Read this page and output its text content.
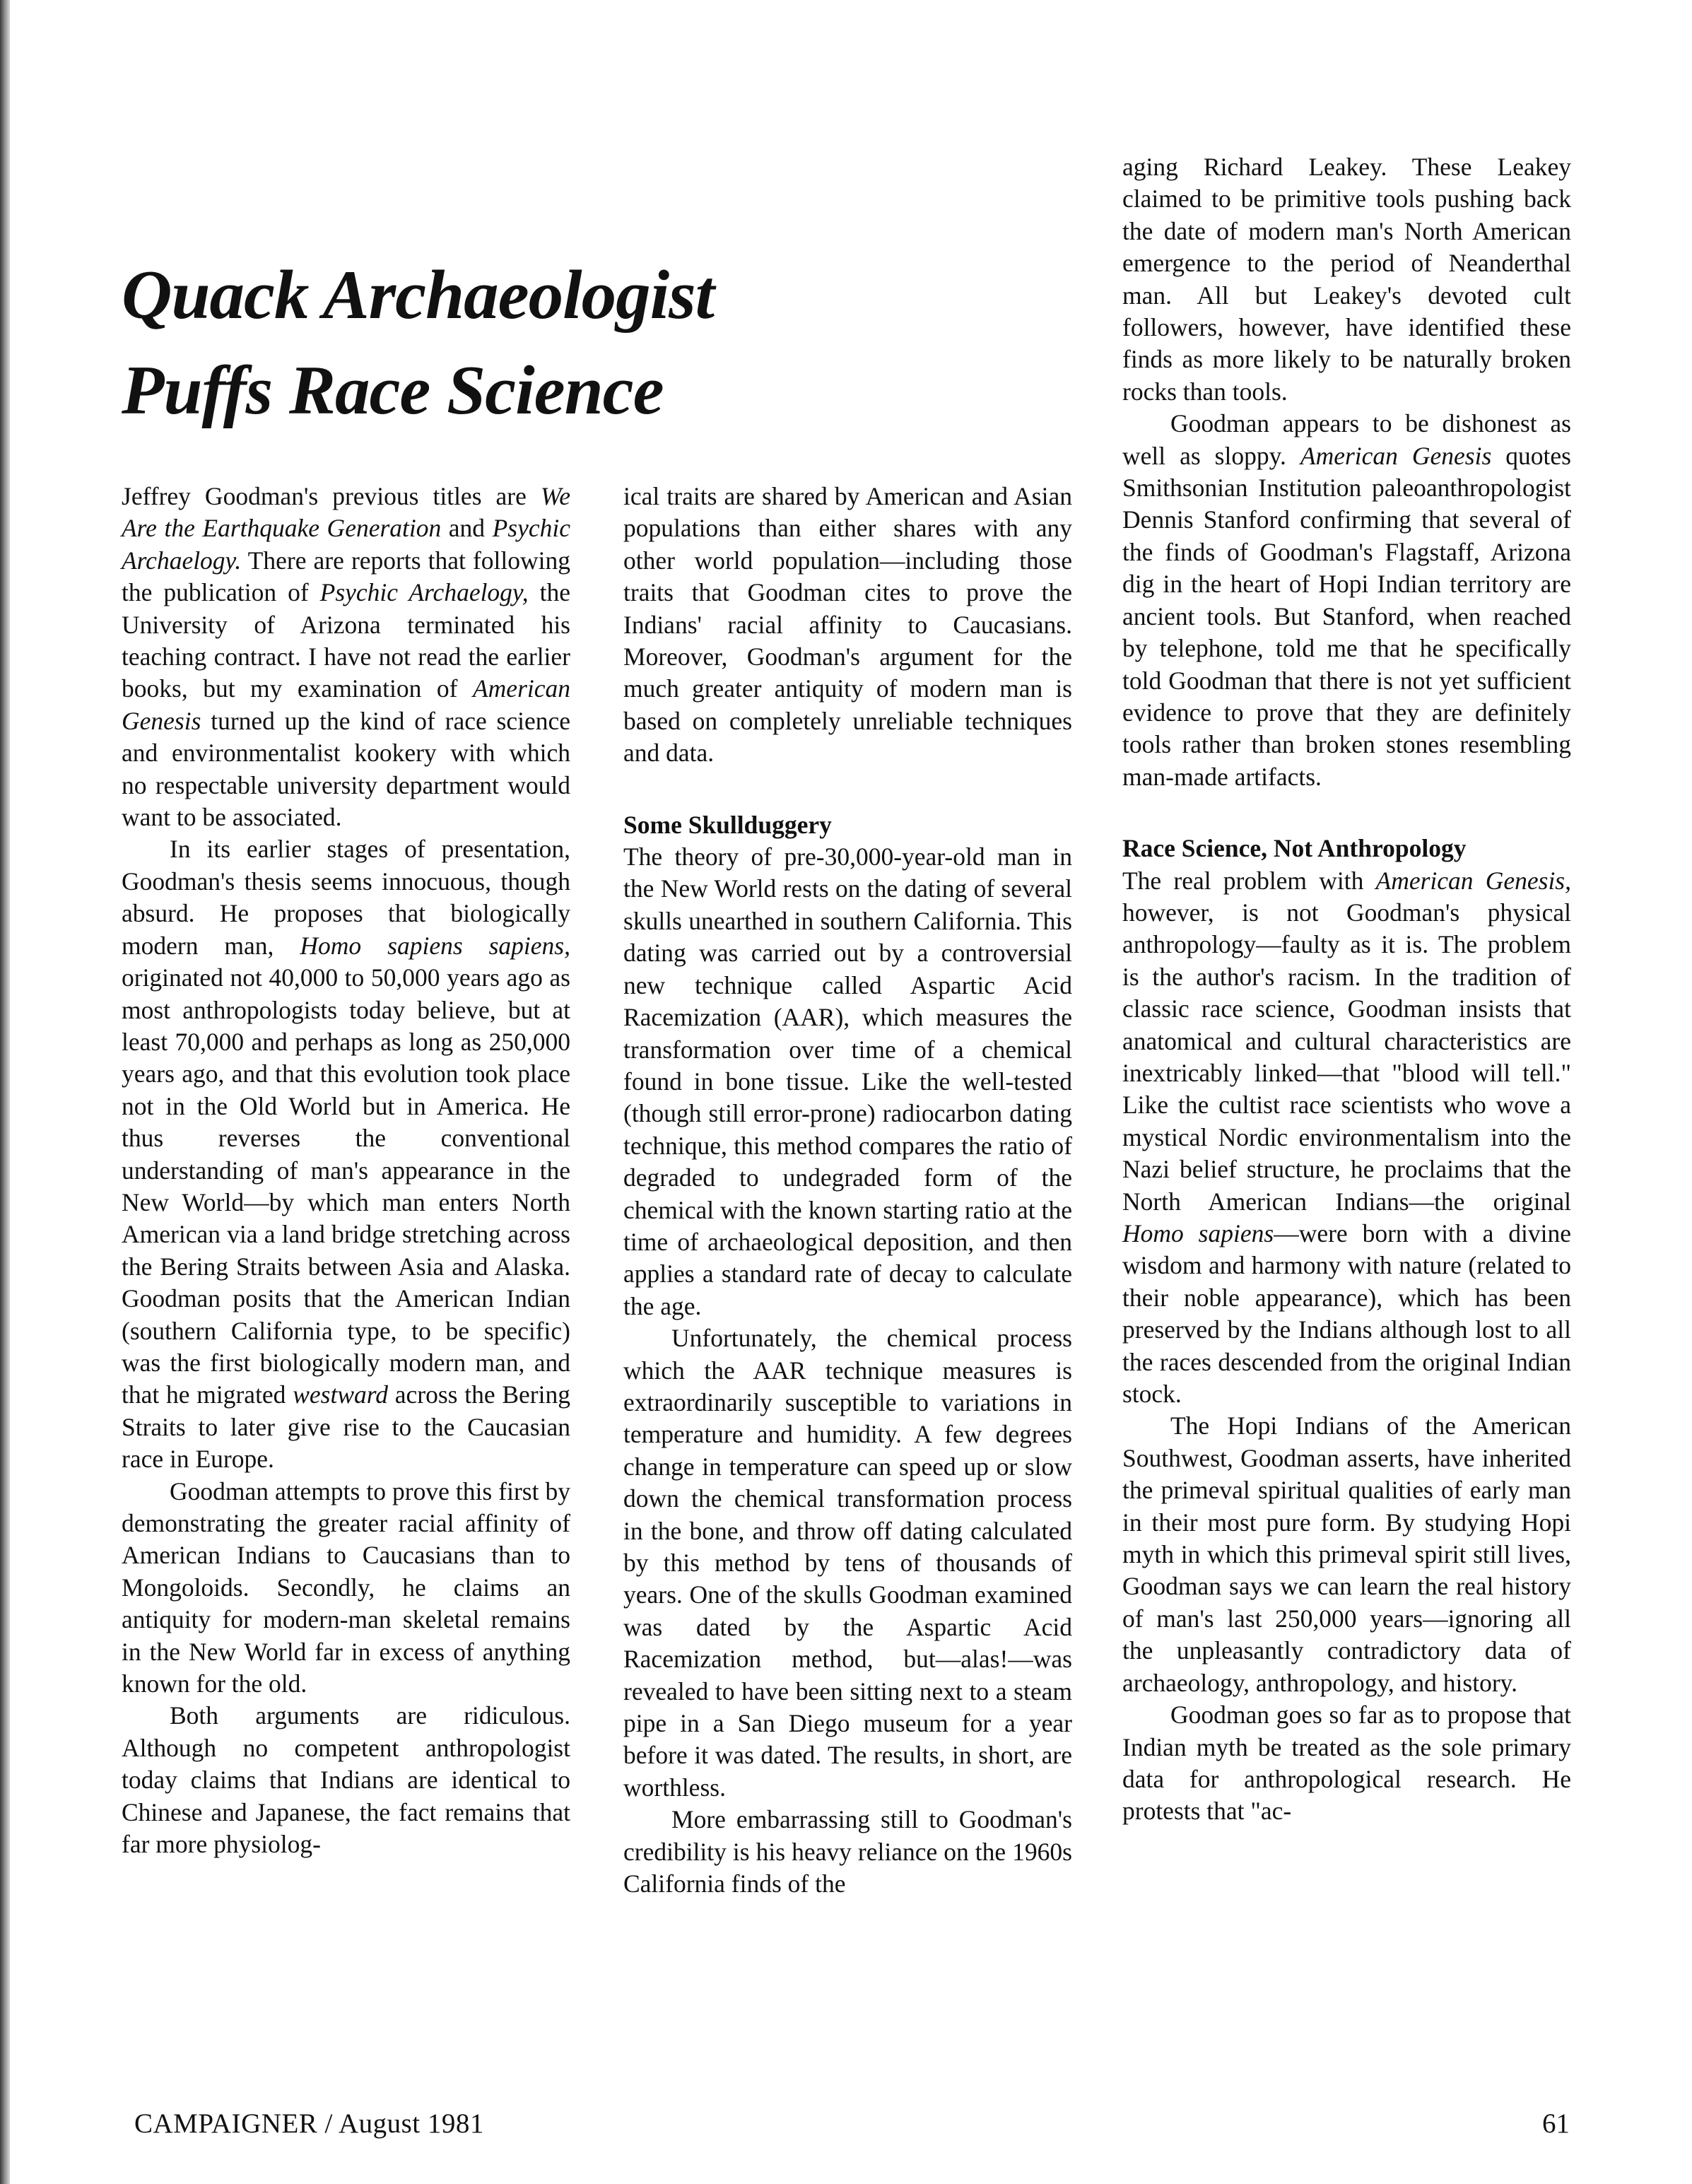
Quack Archaeologist
Puffs Race Science

Jeffrey Goodman's previous titles are We Are the Earthquake Generation and Psychic Archaelogy. There are reports that following the publication of Psychic Archaelogy, the University of Arizona terminated his teaching contract. I have not read the earlier books, but my examination of American Genesis turned up the kind of race science and environmentalist kookery with which no respectable university department would want to be associated.

In its earlier stages of presentation, Goodman's thesis seems innocuous, though absurd. He proposes that biologically modern man, Homo sapiens sapiens, originated not 40,000 to 50,000 years ago as most anthropologists today believe, but at least 70,000 and perhaps as long as 250,000 years ago, and that this evolution took place not in the Old World but in America. He thus reverses the conventional understanding of man's appearance in the New World—by which man enters North American via a land bridge stretching across the Bering Straits between Asia and Alaska. Goodman posits that the American Indian (southern California type, to be specific) was the first biologically modern man, and that he migrated westward across the Bering Straits to later give rise to the Caucasian race in Europe.

Goodman attempts to prove this first by demonstrating the greater racial affinity of American Indians to Caucasians than to Mongoloids. Secondly, he claims an antiquity for modern-man skeletal remains in the New World far in excess of anything known for the old.

Both arguments are ridiculous. Although no competent anthropologist today claims that Indians are identical to Chinese and Japanese, the fact remains that far more physiolog-

ical traits are shared by American and Asian populations than either shares with any other world population—including those traits that Goodman cites to prove the Indians' racial affinity to Caucasians. Moreover, Goodman's argument for the much greater antiquity of modern man is based on completely unreliable techniques and data.

Some Skullduggery

The theory of pre-30,000-year-old man in the New World rests on the dating of several skulls unearthed in southern California. This dating was carried out by a controversial new technique called Aspartic Acid Racemization (AAR), which measures the transformation over time of a chemical found in bone tissue. Like the well-tested (though still error-prone) radiocarbon dating technique, this method compares the ratio of degraded to undegraded form of the chemical with the known starting ratio at the time of archaeological deposition, and then applies a standard rate of decay to calculate the age.

Unfortunately, the chemical process which the AAR technique measures is extraordinarily susceptible to variations in temperature and humidity. A few degrees change in temperature can speed up or slow down the chemical transformation process in the bone, and throw off dating calculated by this method by tens of thousands of years. One of the skulls Goodman examined was dated by the Aspartic Acid Racemization method, but—alas!—was revealed to have been sitting next to a steam pipe in a San Diego museum for a year before it was dated. The results, in short, are worthless.

More embarrassing still to Goodman's credibility is his heavy reliance on the 1960s California finds of the

aging Richard Leakey. These Leakey claimed to be primitive tools pushing back the date of modern man's North American emergence to the period of Neanderthal man. All but Leakey's devoted cult followers, however, have identified these finds as more likely to be naturally broken rocks than tools.

Goodman appears to be dishonest as well as sloppy. American Genesis quotes Smithsonian Institution paleoanthropologist Dennis Stanford confirming that several of the finds of Goodman's Flagstaff, Arizona dig in the heart of Hopi Indian territory are ancient tools. But Stanford, when reached by telephone, told me that he specifically told Goodman that there is not yet sufficient evidence to prove that they are definitely tools rather than broken stones resembling man-made artifacts.

Race Science, Not Anthropology

The real problem with American Genesis, however, is not Goodman's physical anthropology—faulty as it is. The problem is the author's racism. In the tradition of classic race science, Goodman insists that anatomical and cultural characteristics are inextricably linked—that "blood will tell." Like the cultist race scientists who wove a mystical Nordic environmentalism into the Nazi belief structure, he proclaims that the North American Indians—the original Homo sapiens—were born with a divine wisdom and harmony with nature (related to their noble appearance), which has been preserved by the Indians although lost to all the races descended from the original Indian stock.

The Hopi Indians of the American Southwest, Goodman asserts, have inherited the primeval spiritual qualities of early man in their most pure form. By studying Hopi myth in which this primeval spirit still lives, Goodman says we can learn the real history of man's last 250,000 years—ignoring all the unpleasantly contradictory data of archaeology, anthropology, and history.

Goodman goes so far as to propose that Indian myth be treated as the sole primary data for anthropological research. He protests that "ac-

CAMPAIGNER / August 1981	61
